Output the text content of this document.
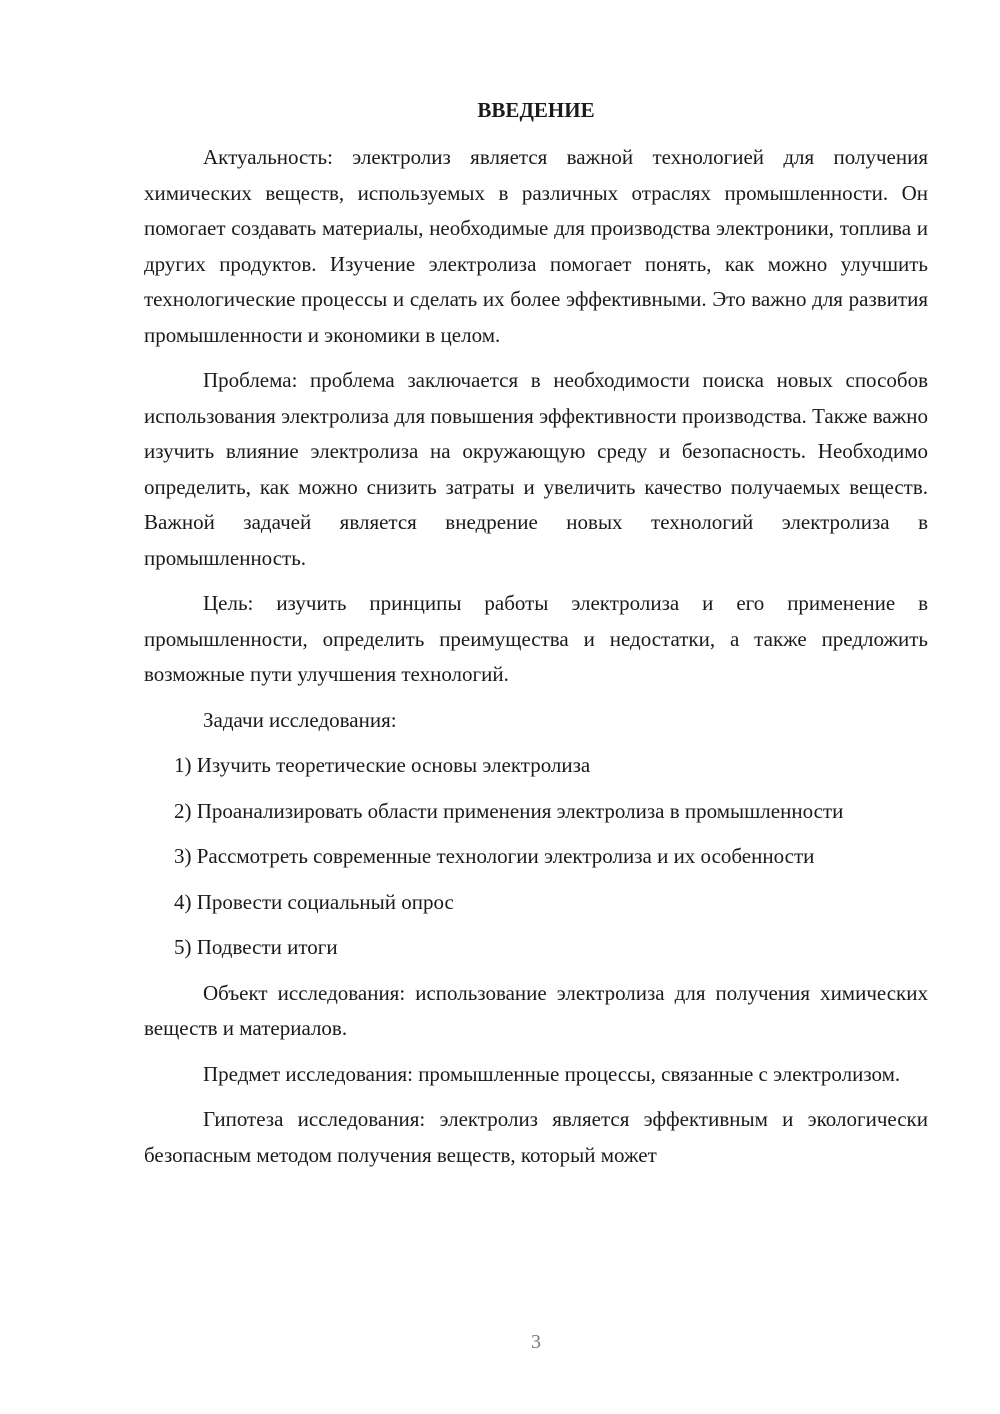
ВВЕДЕНИЕ

Актуальность: электролиз является важной технологией для получения химических веществ, используемых в различных отраслях промышленности. Он помогает создавать материалы, необходимые для производства электроники, топлива и других продуктов. Изучение электролиза помогает понять, как можно улучшить технологические процессы и сделать их более эффективными. Это важно для развития промышленности и экономики в целом.

Проблема: проблема заключается в необходимости поиска новых способов использования электролиза для повышения эффективности производства. Также важно изучить влияние электролиза на окружающую среду и безопасность. Необходимо определить, как можно снизить затраты и увеличить качество получаемых веществ. Важной задачей является внедрение новых технологий электролиза в промышленность.

Цель: изучить принципы работы электролиза и его применение в промышленности, определить преимущества и недостатки, а также предложить возможные пути улучшения технологий.

Задачи исследования:

1) Изучить теоретические основы электролиза

2) Проанализировать области применения электролиза в промышленности

3) Рассмотреть современные технологии электролиза и их особенности

4) Провести социальный опрос

5) Подвести итоги

Объект исследования: использование электролиза для получения химических веществ и материалов.

Предмет исследования: промышленные процессы, связанные с электролизом.

Гипотеза исследования: электролиз является эффективным и экологически безопасным методом получения веществ, который может

3
